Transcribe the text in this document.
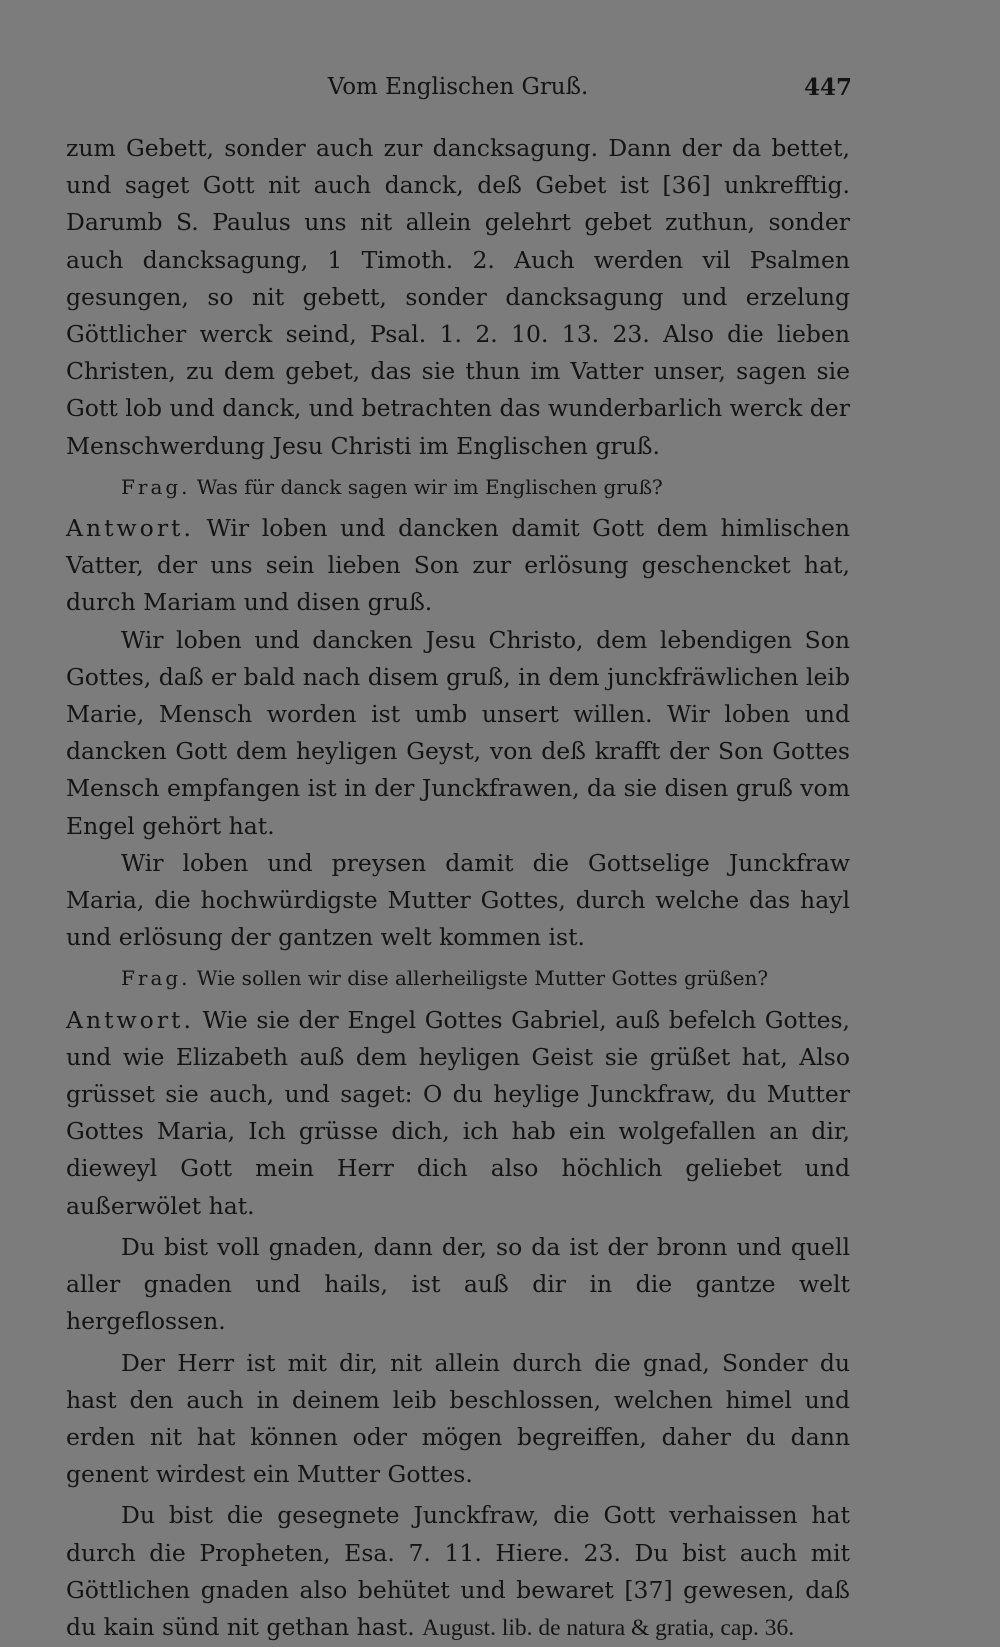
Vom Englischen Gruß.	447

zum Gebett, sonder auch zur dancksagung. Dann der da bettet, und saget Gott nit auch danck, deß Gebet ist [36] unkrefftig. Darumb S. Paulus uns nit allein gelehrt gebet zuthun, sonder auch dancksagung, 1 Timoth. 2. Auch werden vil Psalmen gesungen, so nit gebett, sonder dancksagung und erzelung Göttlicher werck seind, Psal. 1. 2. 10. 13. 23. Also die lieben Christen, zu dem gebet, das sie thun im Vatter unser, sagen sie Gott lob und danck, und betrachten das wunderbarlich werck der Menschwerdung Jesu Christi im Englischen gruß.

Frag. Was für danck sagen wir im Englischen gruß?

Antwort. Wir loben und dancken damit Gott dem himlischen Vatter, der uns sein lieben Son zur erlösung geschencket hat, durch Mariam und disen gruß.

Wir loben und dancken Jesu Christo, dem lebendigen Son Gottes, daß er bald nach disem gruß, in dem junckfräwlichen leib Marie, Mensch worden ist umb unsert willen. Wir loben und dancken Gott dem heyligen Geyst, von deß krafft der Son Gottes Mensch empfangen ist in der Junckfrawen, da sie disen gruß vom Engel gehört hat.

Wir loben und preysen damit die Gottselige Junckfraw Maria, die hochwürdigste Mutter Gottes, durch welche das hayl und erlösung der gantzen welt kommen ist.

Frag. Wie sollen wir dise allerheiligste Mutter Gottes grüßen?

Antwort. Wie sie der Engel Gottes Gabriel, auß befelch Gottes, und wie Elizabeth auß dem heyligen Geist sie grüßet hat, Also grüsset sie auch, und saget: O du heylige Junckfraw, du Mutter Gottes Maria, Ich grüsse dich, ich hab ein wolgefallen an dir, dieweyl Gott mein Herr dich also höchlich geliebet und außerwölet hat.

Du bist voll gnaden, dann der, so da ist der bronn und quell aller gnaden und hails, ist auß dir in die gantze welt hergeflossen.

Der Herr ist mit dir, nit allein durch die gnad, Sonder du hast den auch in deinem leib beschlossen, welchen himel und erden nit hat können oder mögen begreiffen, daher du dann genent wirdest ein Mutter Gottes.

Du bist die gesegnete Junckfraw, die Gott verhaissen hat durch die Propheten, Esa. 7. 11. Hiere. 23. Du bist auch mit Göttlichen gnaden also behütet und bewaret [37] gewesen, daß du kain sünd nit gethan hast. August. lib. de natura & gratia, cap. 36.
